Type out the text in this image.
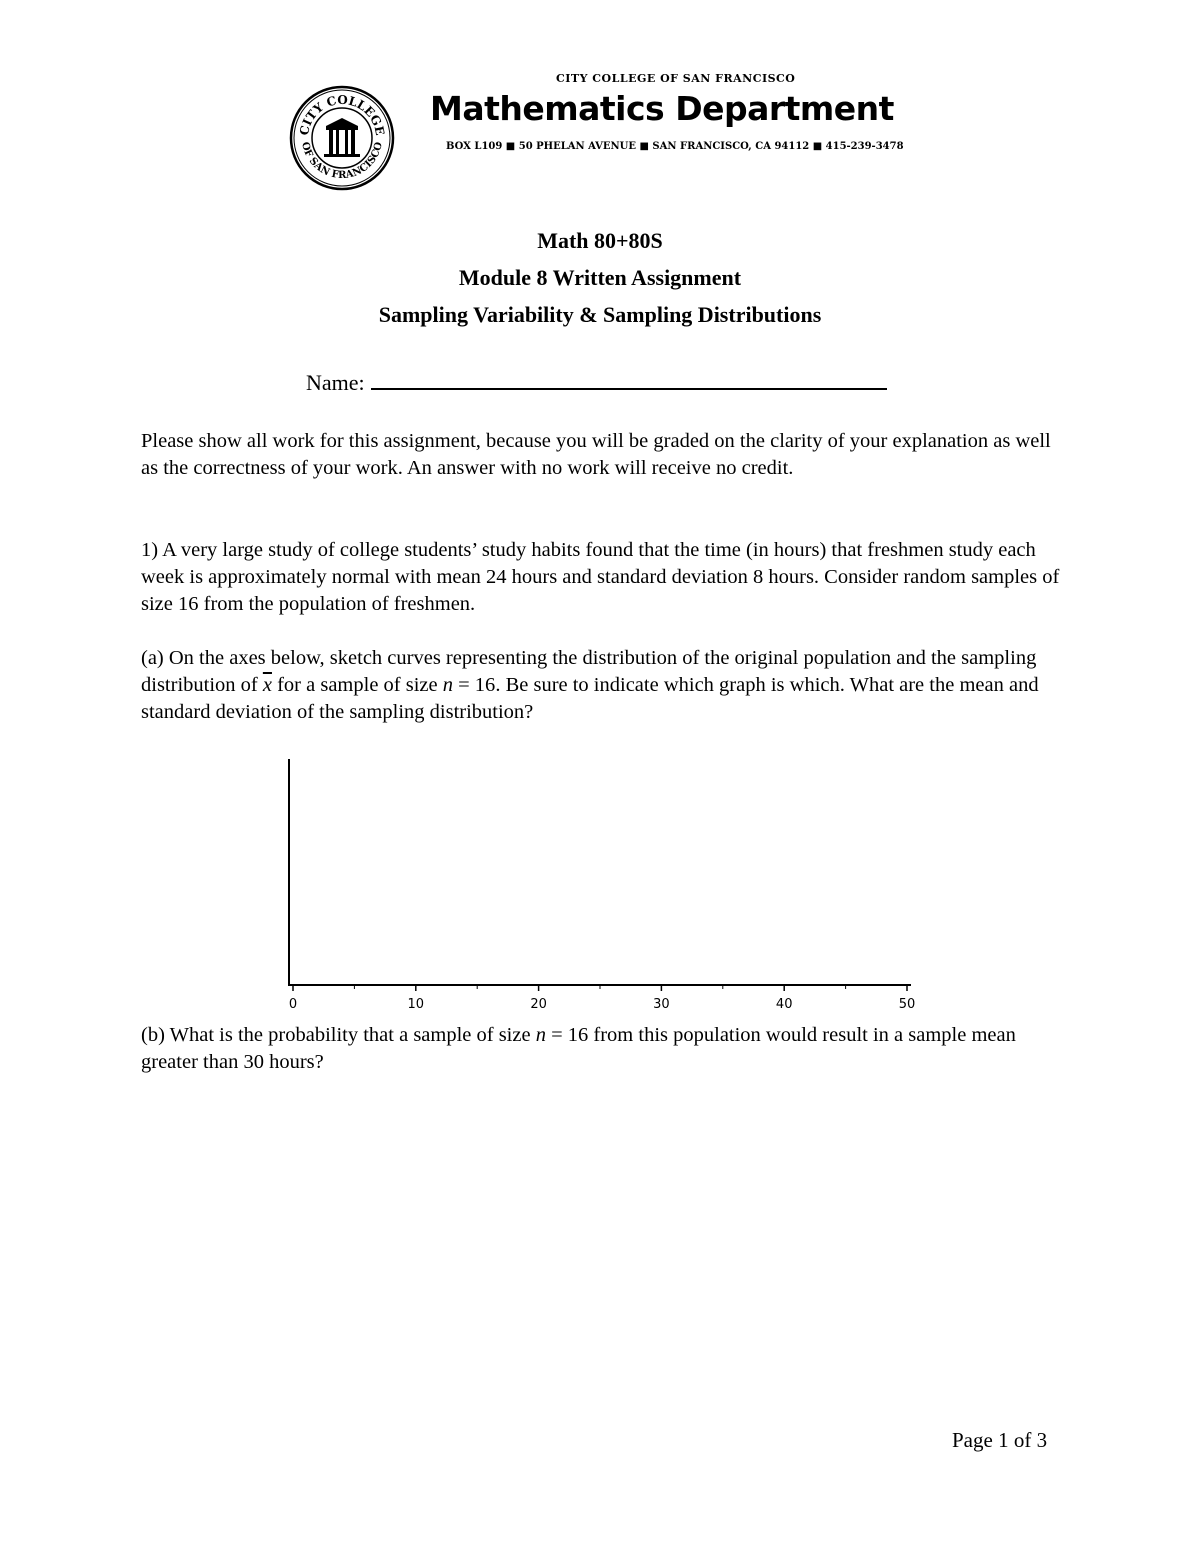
CITY COLLEGE
OF SAN FRANCISCO
CITY COLLEGE OF SAN FRANCISCO
Mathematics Department
BOX L109 ■ 50 PHELAN AVENUE ■ SAN FRANCISCO, CA 94112 ■ 415-239-3478
Math 80+80S
Module 8 Written Assignment
Sampling Variability & Sampling Distributions
Name:
Please show all work for this assignment, because you will be graded on the clarity of your explanation as well as the correctness of your work. An answer with no work will receive no credit.
1) A very large study of college students’ study habits found that the time (in hours) that freshmen study each week is approximately normal with mean 24 hours and standard deviation 8 hours. Consider random samples of size 16 from the population of freshmen.
(a) On the axes below, sketch curves representing the distribution of the original population and the sampling distribution of $\overline{x}$ for a sample of size n = 16. Be sure to indicate which graph is which. What are the mean and standard deviation of the sampling distribution?
0	10	20	30	40	50
(b) What is the probability that a sample of size n = 16 from this population would result in a sample mean greater than 30 hours?
Page 1 of 3
